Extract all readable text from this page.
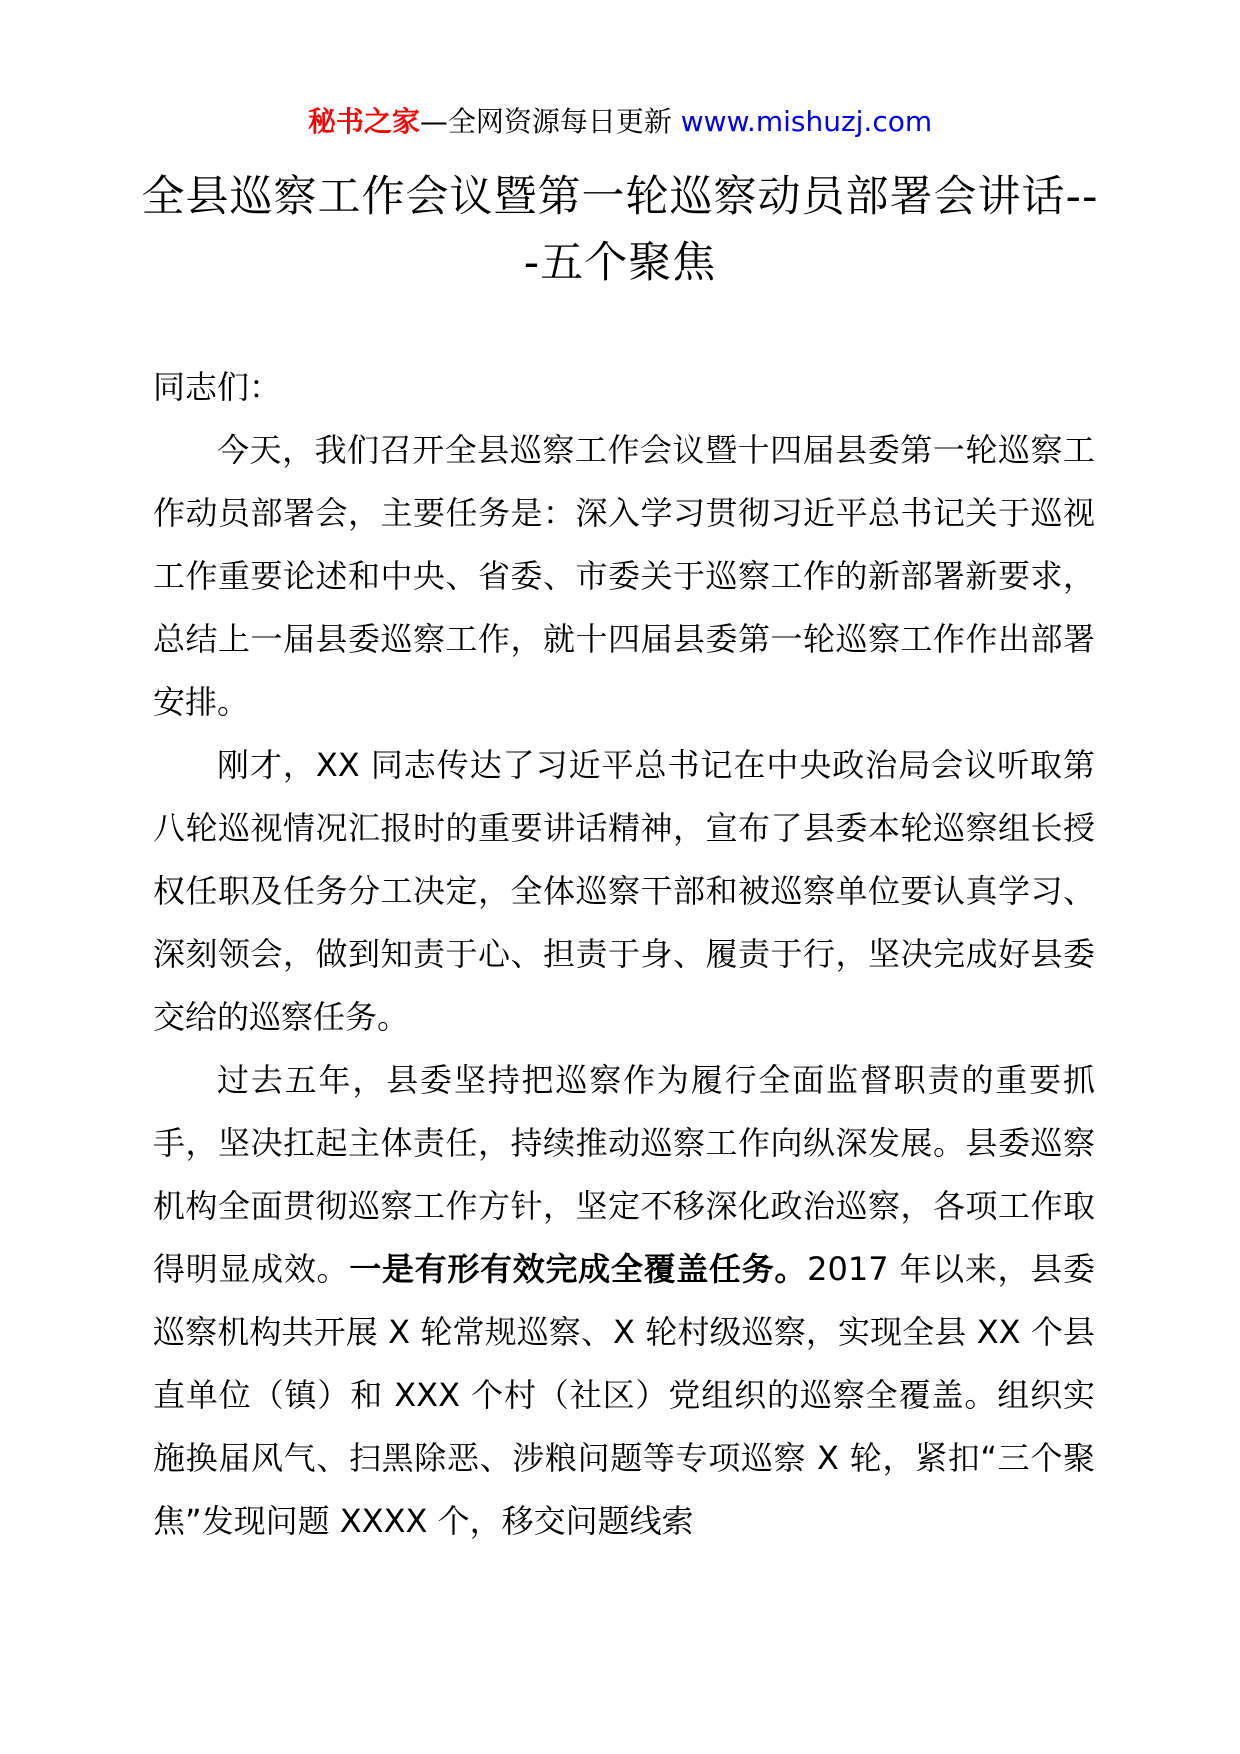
秘书之家—全网资源每日更新 www.mishuzj.com
全县巡察工作会议暨第一轮巡察动员部署会讲话---五个聚焦

同志们：

今天，我们召开全县巡察工作会议暨十四届县委第一轮巡察工作动员部署会，主要任务是：深入学习贯彻习近平总书记关于巡视工作重要论述和中央、省委、市委关于巡察工作的新部署新要求，总结上一届县委巡察工作，就十四届县委第一轮巡察工作作出部署安排。

刚才，XX 同志传达了习近平总书记在中央政治局会议听取第八轮巡视情况汇报时的重要讲话精神，宣布了县委本轮巡察组长授权任职及任务分工决定，全体巡察干部和被巡察单位要认真学习、深刻领会，做到知责于心、担责于身、履责于行，坚决完成好县委交给的巡察任务。

过去五年，县委坚持把巡察作为履行全面监督职责的重要抓手，坚决扛起主体责任，持续推动巡察工作向纵深发展。县委巡察机构全面贯彻巡察工作方针，坚定不移深化政治巡察，各项工作取得明显成效。一是有形有效完成全覆盖任务。2017 年以来，县委巡察机构共开展 X 轮常规巡察、X 轮村级巡察，实现全县 XX 个县直单位（镇）和 XXX 个村（社区）党组织的巡察全覆盖。组织实施换届风气、扫黑除恶、涉粮问题等专项巡察 X 轮，紧扣“三个聚焦”发现问题 XXXX 个，移交问题线索
